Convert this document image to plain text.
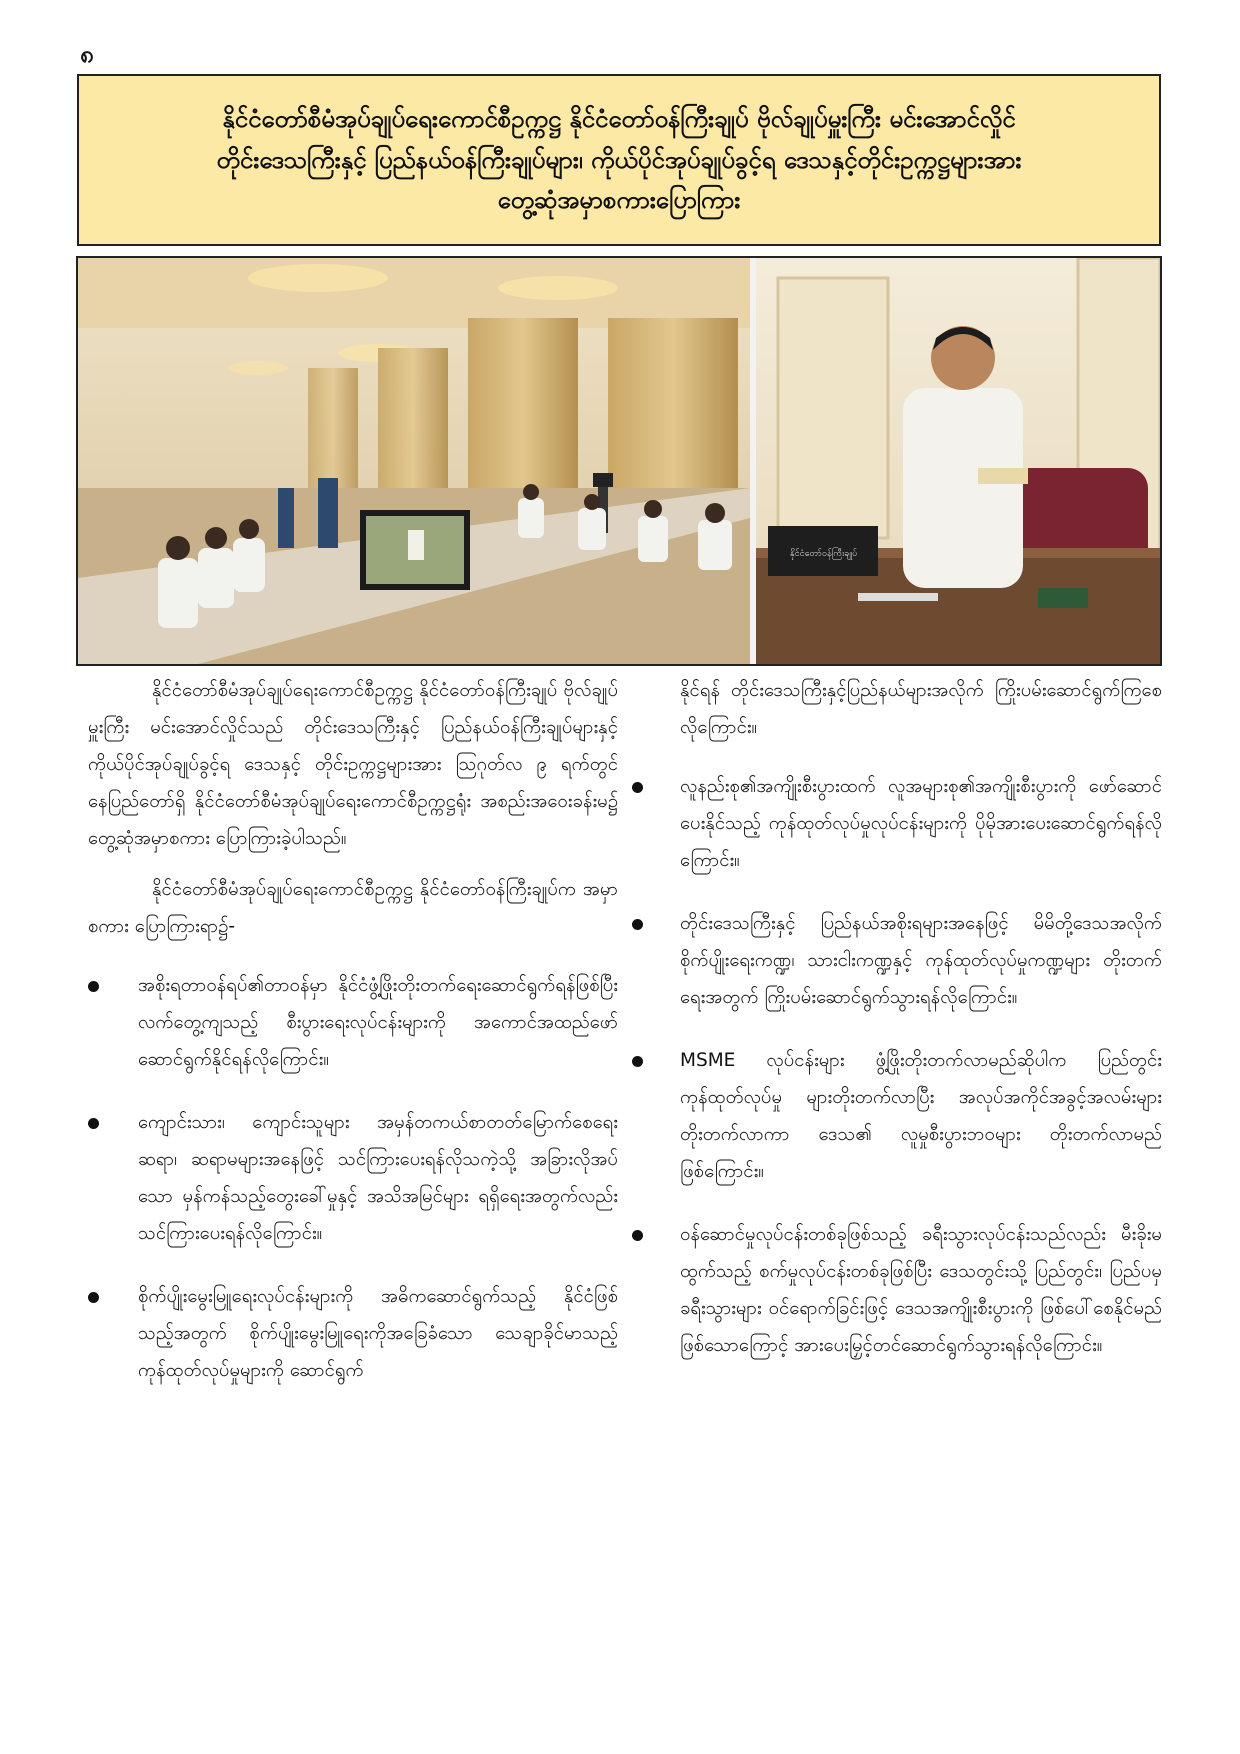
၈
နိုင်ငံတော်စီမံအုပ်ချုပ်ရေးကောင်စီဥက္ကဋ္ဌ နိုင်ငံတော်ဝန်ကြီးချုပ် ဗိုလ်ချုပ်မှူးကြီး မင်းအောင်လှိုင်
တိုင်းဒေသကြီးနှင့် ပြည်နယ်ဝန်ကြီးချုပ်များ၊ ကိုယ်ပိုင်အုပ်ချုပ်ခွင့်ရ ဒေသနှင့်တိုင်းဥက္ကဋ္ဌများအား
တွေ့ဆုံအမှာစကားပြောကြား
နိုင်ငံတော်ဝန်ကြီးချုပ်

နိုင်ငံတော်စီမံအုပ်ချုပ်ရေးကောင်စီဥက္ကဋ္ဌ နိုင်ငံတော်ဝန်ကြီးချုပ် ဗိုလ်ချုပ်မှူးကြီး မင်းအောင်လှိုင်သည် တိုင်းဒေသကြီးနှင့် ပြည်နယ်ဝန်ကြီးချုပ်များနှင့် ကိုယ်ပိုင်အုပ်ချုပ်ခွင့်ရ ဒေသနှင့် တိုင်းဥက္ကဋ္ဌများအား ဩဂုတ်လ ၉ ရက်တွင် နေပြည်တော်ရှိ နိုင်ငံတော်စီမံအုပ်ချုပ်ရေးကောင်စီဥက္ကဋ္ဌရုံး အစည်းအဝေးခန်းမ၌ တွေ့ဆုံအမှာစကား ပြောကြားခဲ့ပါသည်။

နိုင်ငံတော်စီမံအုပ်ချုပ်ရေးကောင်စီဥက္ကဋ္ဌ နိုင်ငံတော်ဝန်ကြီးချုပ်က အမှာစကား ပြောကြားရာ၌-

အစိုးရတာဝန်ရပ်၏တာဝန်မှာ နိုင်ငံဖွံ့ဖြိုးတိုးတက်ရေးဆောင်ရွက်ရန်ဖြစ်ပြီး လက်တွေ့ကျသည့် စီးပွားရေးလုပ်ငန်းများကို အကောင်အထည်ဖော် ဆောင်ရွက်နိုင်ရန်လိုကြောင်း။
ကျောင်းသား၊ ကျောင်းသူများ အမှန်တကယ်စာတတ်မြောက်စေရေး ဆရာ၊ ဆရာမများအနေဖြင့် သင်ကြားပေးရန်လိုသကဲ့သို့ အခြားလိုအပ်သော မှန်ကန်သည့်တွေးခေါ်မှုနှင့် အသိအမြင်များ ရရှိရေးအတွက်လည်း သင်ကြားပေးရန်လိုကြောင်း။
စိုက်ပျိုးမွေးမြူရေးလုပ်ငန်းများကို အဓိကဆောင်ရွက်သည့် နိုင်ငံဖြစ်သည့်အတွက် စိုက်ပျိုးမွေးမြူရေးကိုအခြေခံသော သေချာခိုင်မာသည့် ကုန်ထုတ်လုပ်မှုများကို ဆောင်ရွက်

နိုင်ရန် တိုင်းဒေသကြီးနှင့်ပြည်နယ်များအလိုက် ကြိုးပမ်းဆောင်ရွက်ကြစေလိုကြောင်း။

လူနည်းစု၏အကျိုးစီးပွားထက် လူအများစု၏အကျိုးစီးပွားကို ဖော်ဆောင်ပေးနိုင်သည့် ကုန်ထုတ်လုပ်မှုလုပ်ငန်းများကို ပိုမိုအားပေးဆောင်ရွက်ရန်လိုကြောင်း။
တိုင်းဒေသကြီးနှင့် ပြည်နယ်အစိုးရများအနေဖြင့် မိမိတို့ဒေသအလိုက် စိုက်ပျိုးရေးကဏ္ဍ၊ သားငါးကဏ္ဍနှင့် ကုန်ထုတ်လုပ်မှုကဏ္ဍများ တိုးတက်ရေးအတွက် ကြိုးပမ်းဆောင်ရွက်သွားရန်လိုကြောင်း။
MSME လုပ်ငန်းများ ဖွံ့ဖြိုးတိုးတက်လာမည်ဆိုပါက ပြည်တွင်းကုန်ထုတ်လုပ်မှု များတိုးတက်လာပြီး အလုပ်အကိုင်အခွင့်အလမ်းများ တိုးတက်လာကာ ဒေသ၏ လူမှုစီးပွားဘဝများ တိုးတက်လာမည်ဖြစ်ကြောင်း။
ဝန်ဆောင်မှုလုပ်ငန်းတစ်ခုဖြစ်သည့် ခရီးသွားလုပ်ငန်းသည်လည်း မီးခိုးမထွက်သည့် စက်မှုလုပ်ငန်းတစ်ခုဖြစ်ပြီး ဒေသတွင်းသို့ ပြည်တွင်း၊ ပြည်ပမှ ခရီးသွားများ ဝင်ရောက်ခြင်းဖြင့် ဒေသအကျိုးစီးပွားကို ဖြစ်ပေါ်စေနိုင်မည်ဖြစ်သောကြောင့် အားပေးမြှင့်တင်ဆောင်ရွက်သွားရန်လိုကြောင်း။
